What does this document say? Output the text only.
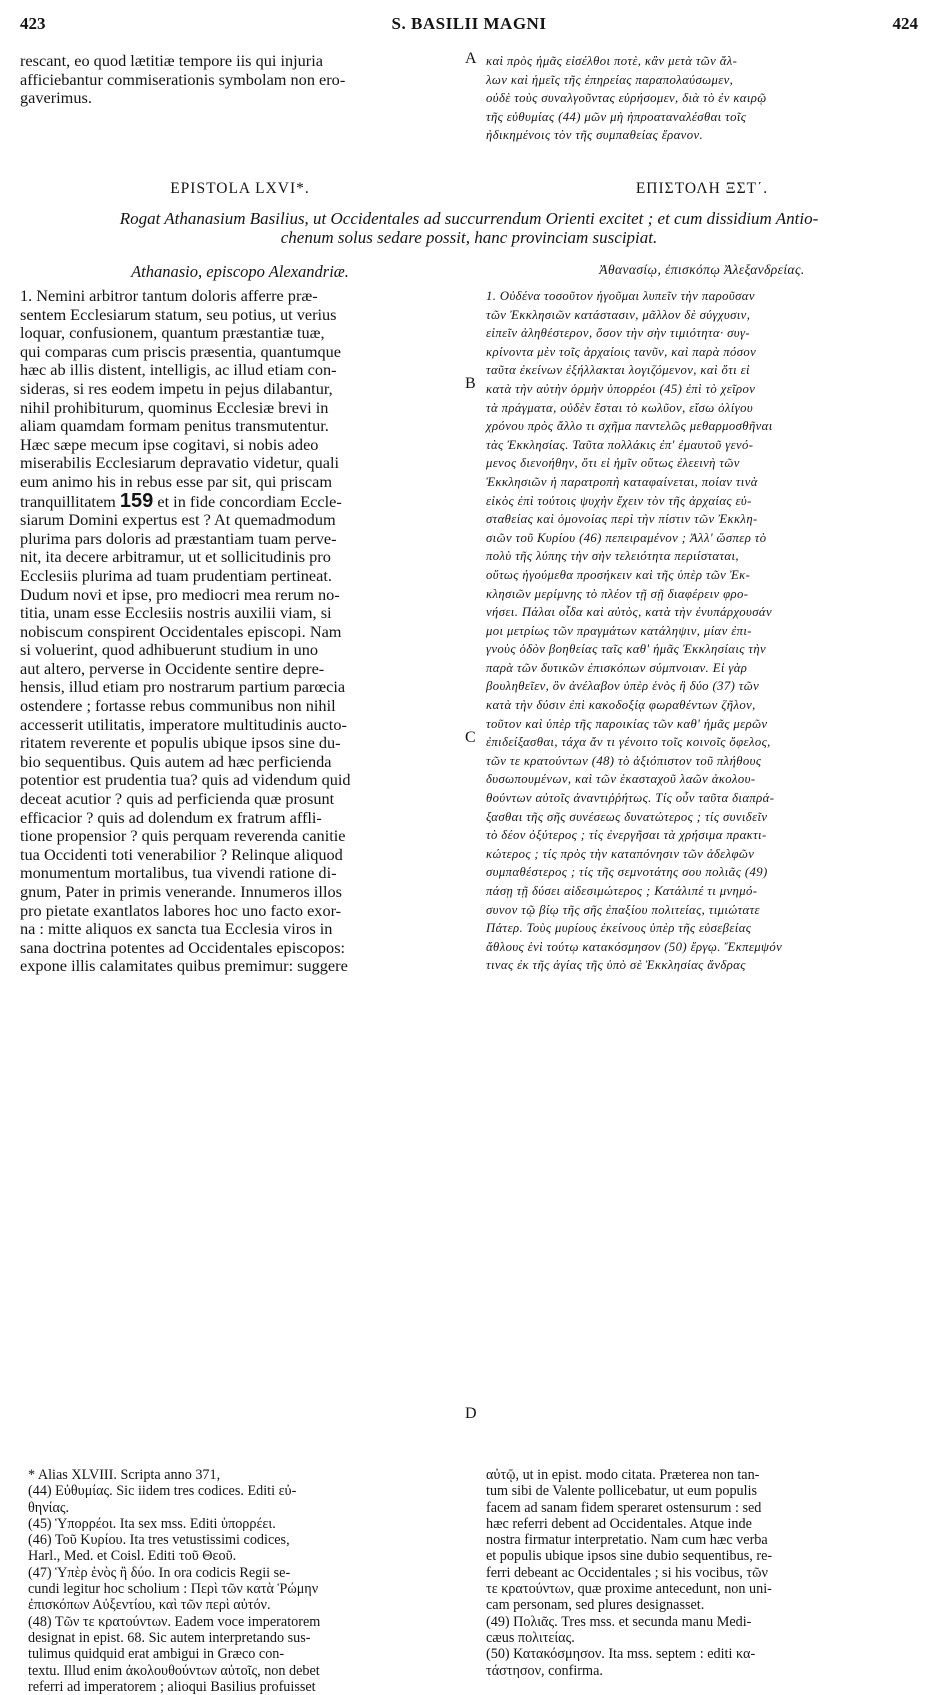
S. BASILII MAGNI
423	424
rescant, eo quod lætitiæ tempore iis qui injuria
afficiebantur commiserationis symbolam non ero-
gaverimus.
καὶ πρὸς ἡμᾶς εἰσέλθοι ποτὲ, κἂν μετὰ τῶν ἄλ-
λων καὶ ἡμεῖς τῆς ἐπηρείας παραπολαύσωμεν,
οὐδὲ τοὺς συναλγοῦντας εὑρήσομεν, διὰ τὸ ἐν καιρῷ
τῆς εὐθυμίας (44) μῶν μὴ ἠπροαταναλέσθαι τοῖς
ἠδικημένοις τὸν τῆς συμπαθείας ἔρανον.
A
B
C
D
EPISTOLA LXVI*.	ΕΠΙΣΤΟΛΗ ΞΣΤ΄.
Rogat Athanasium Basilius, ut Occidentales ad succurrendum Orienti excitet ; et cum dissidium Antio-
chenum solus sedare possit, hanc provinciam suscipiat.
Athanasio, episcopo Alexandriæ.	Ἀθανασίῳ, ἐπισκόπῳ Ἀλεξανδρείας.
1. Nemini arbitror tantum doloris afferre præ-
sentem Ecclesiarum statum, seu potius, ut verius
loquar, confusionem, quantum præstantiæ tuæ,
qui comparas cum priscis præsentia, quantumque
hæc ab illis distent, intelligis, ac illud etiam con-
sideras, si res eodem impetu in pejus dilabantur,
nihil prohibiturum, quominus Ecclesiæ brevi in
aliam quamdam formam penitus transmutentur.
Hæc sæpe mecum ipse cogitavi, si nobis adeo
miserabilis Ecclesiarum depravatio videtur, quali
eum animo his in rebus esse par sit, qui priscam
tranquillitatem 159 et in fide concordiam Eccle-
siarum Domini expertus est ? At quemadmodum
plurima pars doloris ad præstantiam tuam perve-
nit, ita decere arbitramur, ut et sollicitudinis pro
Ecclesiis plurima ad tuam prudentiam pertineat.
Dudum novi et ipse, pro mediocri mea rerum no-
titia, unam esse Ecclesiis nostris auxilii viam, si
nobiscum conspirent Occidentales episcopi. Nam
si voluerint, quod adhibuerunt studium in uno
aut altero, perverse in Occidente sentire depre-
hensis, illud etiam pro nostrarum partium parœcia
ostendere ; fortasse rebus communibus non nihil
accesserit utilitatis, imperatore multitudinis aucto-
ritatem reverente et populis ubique ipsos sine du-
bio sequentibus. Quis autem ad hæc perficienda
potentior est prudentia tua? quis ad videndum quid
deceat acutior ? quis ad perficienda quæ prosunt
efficacior ? quis ad dolendum ex fratrum affli-
tione propensior ? quis perquam reverenda canitie
tua Occidenti toti venerabilior ? Relinque aliquod
monumentum mortalibus, tua vivendi ratione di-
gnum, Pater in primis venerande. Innumeros illos
pro pietate exantlatos labores hoc uno facto exor-
na : mitte aliquos ex sancta tua Ecclesia viros in
sana doctrina potentes ad Occidentales episcopos:
expone illis calamitates quibus premimur: suggere
1. Οὐδένα τοσοῦτον ἡγοῦμαι λυπεῖν τὴν παροῦσαν
τῶν Ἐκκλησιῶν κατάστασιν, μᾶλλον δὲ σύγχυσιν,
εἰπεῖν ἀληθέστερον, ὅσον τὴν σὴν τιμιότητα· συγ-
κρίνοντα μὲν τοῖς ἀρχαίοις τανῦν, καὶ παρὰ πόσον
ταῦτα ἐκείνων ἐξήλλακται λογιζόμενον, καὶ ὅτι εἰ
κατὰ τὴν αὐτὴν ὁρμὴν ὑπορρέοι (45) ἐπὶ τὸ χεῖρον
τὰ πράγματα, οὐδὲν ἔσται τὸ κωλῦον, εἴσω ὀλίγου
χρόνου πρὸς ἄλλο τι σχῆμα παντελῶς μεθαρμοσθῆναι
τὰς Ἐκκλησίας. Ταῦτα πολλάκις ἐπ' ἐμαυτοῦ γενό-
μενος διενοήθην, ὅτι εἰ ἡμῖν οὕτως ἐλεεινὴ τῶν
Ἐκκλησιῶν ἡ παρατροπὴ καταφαίνεται, ποίαν τινὰ
εἰκὸς ἐπὶ τούτοις ψυχὴν ἔχειν τὸν τῆς ἀρχαίας εὐ-
σταθείας καὶ ὁμονοίας περὶ τὴν πίστιν τῶν Ἐκκλη-
σιῶν τοῦ Κυρίου (46) πεπειραμένον ; Ἀλλ' ὥσπερ τὸ
πολὺ τῆς λύπης τὴν σὴν τελειότητα περιίσταται,
οὕτως ἡγούμεθα προσήκειν καὶ τῆς ὑπὲρ τῶν Ἐκ-
κλησιῶν μερίμνης τὸ πλέον τῇ σῇ διαφέρειν φρο-
νήσει. Πάλαι οἶδα καὶ αὐτὸς, κατὰ τὴν ἐνυπάρχουσάν
μοι μετρίως τῶν πραγμάτων κατάληψιν, μίαν ἐπι-
γνοὺς ὁδὸν βοηθείας ταῖς καθ' ἡμᾶς Ἐκκλησίαις τὴν
παρὰ τῶν δυτικῶν ἐπισκόπων σύμπνοιαν. Εἰ γὰρ
βουληθεῖεν, ὃν ἀνέλαβον ὑπὲρ ἑνὸς ἢ δύο (37) τῶν
κατὰ τὴν δύσιν ἐπὶ κακοδοξίᾳ φωραθέντων ζῆλον,
τοῦτον καὶ ὑπὲρ τῆς παροικίας τῶν καθ' ἡμᾶς μερῶν
ἐπιδείξασθαι, τάχα ἄν τι γένοιτο τοῖς κοινοῖς ὄφελος,
τῶν τε κρατούντων (48) τὸ ἀξιόπιστον τοῦ πλήθους
δυσωπουμένων, καὶ τῶν ἑκασταχοῦ λαῶν ἀκολου-
θούντων αὐτοῖς ἀναντιῤῥήτως. Τίς οὖν ταῦτα διαπρά-
ξασθαι τῆς σῆς συνέσεως δυνατώτερος ; τίς συνιδεῖν
τὸ δέον ὀξύτερος ; τίς ἐνεργῆσαι τὰ χρήσιμα πρακτι-
κώτερος ; τίς πρὸς τὴν καταπόνησιν τῶν ἀδελφῶν
συμπαθέστερος ; τίς τῆς σεμνοτάτης σου πολιᾶς (49)
πάσῃ τῇ δύσει αἰδεσιμώτερος ; Κατάλιπέ τι μνημό-
συνον τῷ βίῳ τῆς σῆς ἐπαξίου πολιτείας, τιμιώτατε
Πάτερ. Τοὺς μυρίους ἐκείνους ὑπὲρ τῆς εὐσεβείας
ἄθλους ἑνὶ τούτῳ κατακόσμησον (50) ἔργῳ. Ἔκπεμψόν
τινας ἐκ τῆς ἁγίας τῆς ὑπὸ σὲ Ἐκκλησίας ἄνδρας
* Alias XLVIII. Scripta anno 371,
(44) Εὐθυμίας. Sic iidem tres codices. Editi εὐ-
θηνίας.
(45) Ὑπορρέοι. Ita sex mss. Editi ὑπορρέει.
(46) Τοῦ Κυρίου. Ita tres vetustissimi codices,
Harl., Med. et Coisl. Editi τοῦ Θεοῦ.
(47) Ὑπὲρ ἑνὸς ἢ δύο. In ora codicis Regii se-
cundi legitur hoc scholium : Περὶ τῶν κατὰ Ῥώμην
ἐπισκόπων Αὐξεντίου, καὶ τῶν περὶ αὐτόν.
(48) Τῶν τε κρατούντων. Eadem voce imperatorem
designat in epist. 68. Sic autem interpretando sus-
tulimus quidquid erat ambigui in Græco con-
textu. Illud enim ἀκολουθούντων αὐτοῖς, non debet
referri ad imperatorem ; alioqui Basilius profuisset
αὐτῷ, ut in epist. modo citata. Præterea non tan-
tum sibi de Valente pollicebatur, ut eum populis
facem ad sanam fidem speraret ostensurum : sed
hæc referri debent ad Occidentales. Atque inde
nostra firmatur interpretatio. Nam cum hæc verba
et populis ubique ipsos sine dubio sequentibus, re-
ferri debeant ac Occidentales ; si his vocibus, τῶν
τε κρατούντων, quæ proxime antecedunt, non uni-
cam personam, sed plures designasset.
(49) Πολιᾶς. Tres mss. et secunda manu Medi-
cæus πολιτείας.
(50) Κατακόσμησον. Ita mss. septem : editi κα-
τάστησον, confirma.
